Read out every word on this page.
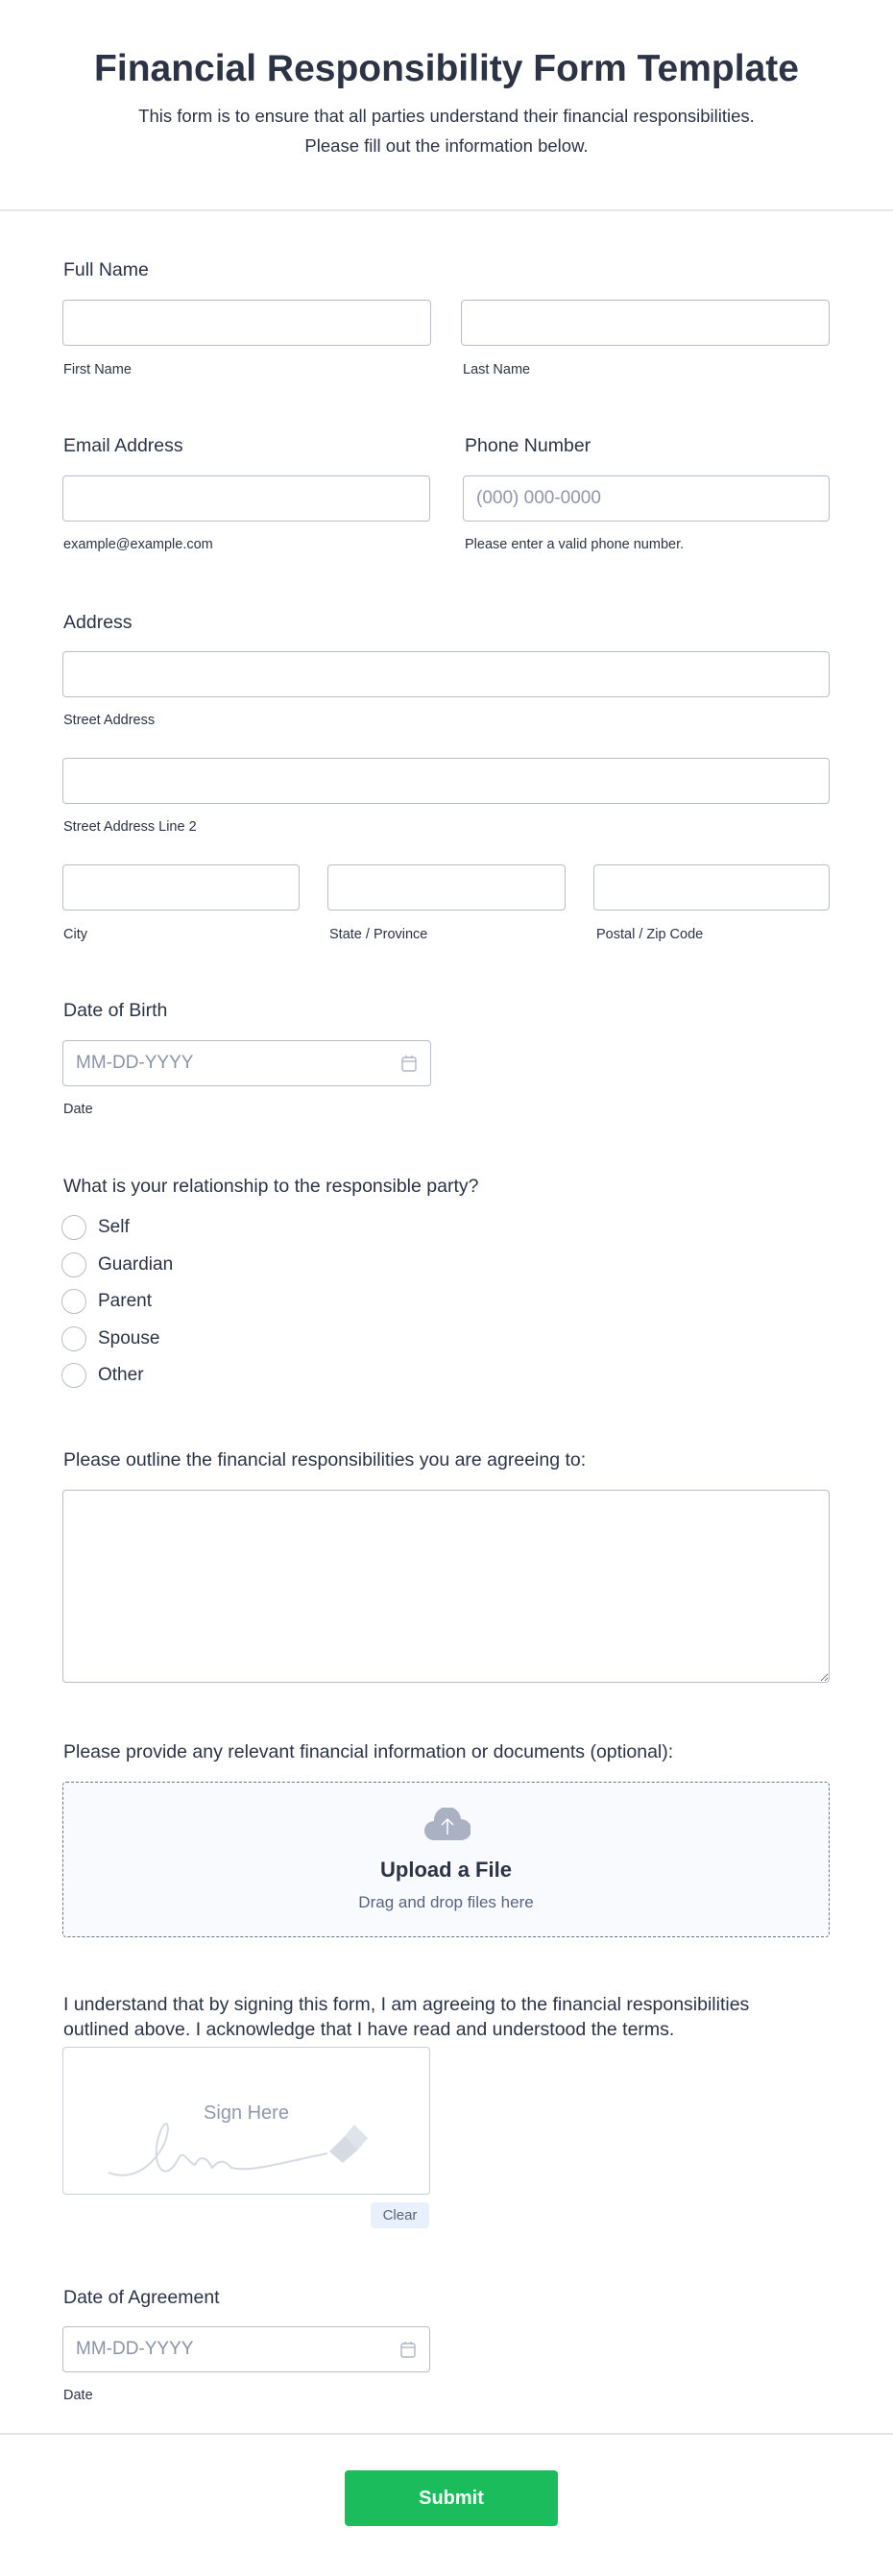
Financial Responsibility Form Template
This form is to ensure that all parties understand their financial responsibilities.
Please fill out the information below.
Full Name
First Name	Last Name
Email Address	Phone Number
(000) 000-0000
example@example.com	Please enter a valid phone number.
Address
Street Address
Street Address Line 2
City	State / Province	Postal / Zip Code
Date of Birth
MM-DD-YYYY
Date
What is your relationship to the responsible party?
Self
Guardian
Parent
Spouse
Other
Please outline the financial responsibilities you are agreeing to:
Please provide any relevant financial information or documents (optional):
Upload a File
Drag and drop files here
I understand that by signing this form, I am agreeing to the financial responsibilities
outlined above. I acknowledge that I have read and understood the terms.
Sign Here
Clear
Date of Agreement
MM-DD-YYYY
Date
Submit
